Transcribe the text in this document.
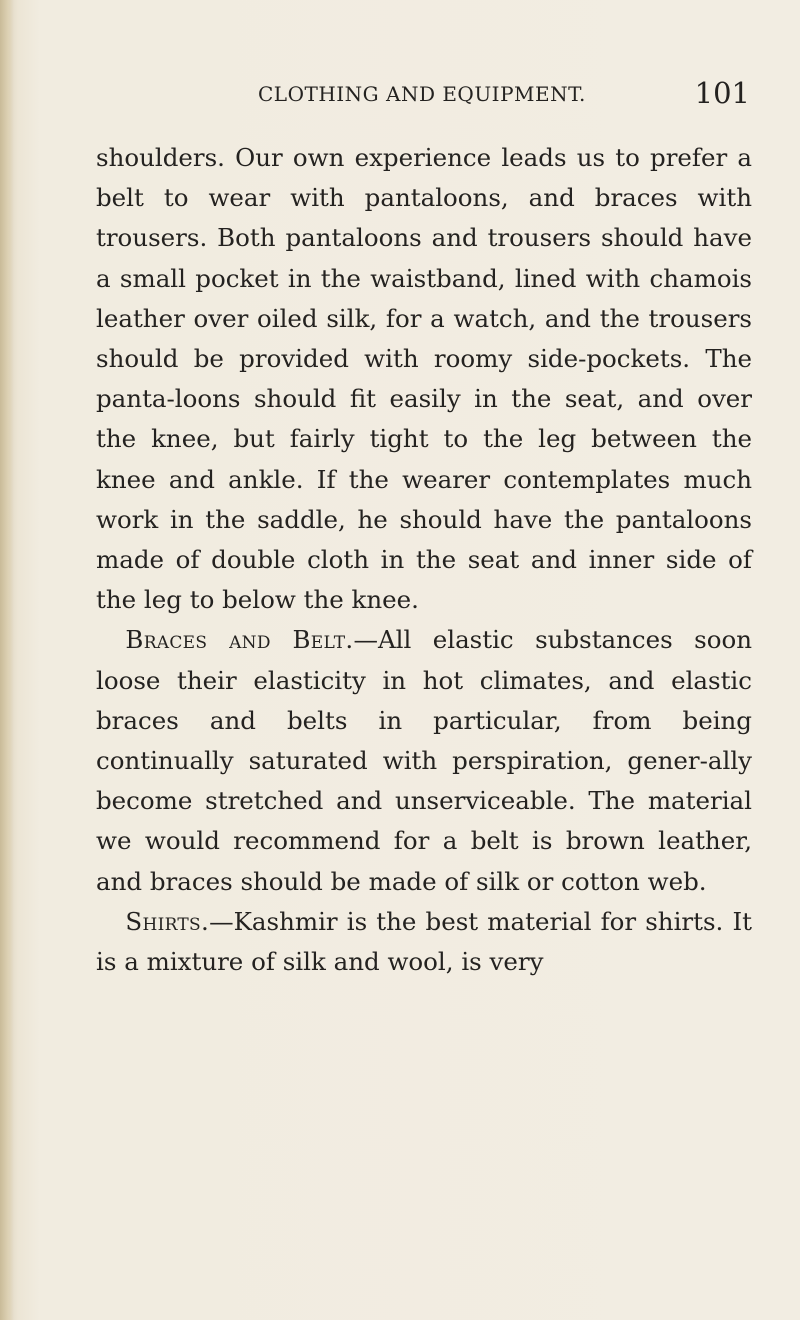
CLOTHING AND EQUIPMENT.	101

shoulders. Our own experience leads us to prefer a belt to wear with pantaloons, and braces with trousers. Both pantaloons and trousers should have a small pocket in the waistband, lined with chamois leather over oiled silk, for a watch, and the trousers should be provided with roomy side-pockets. The panta-loons should fit easily in the seat, and over the knee, but fairly tight to the leg between the knee and ankle. If the wearer contemplates much work in the saddle, he should have the pantaloons made of double cloth in the seat and inner side of the leg to below the knee.

Braces and Belt.—All elastic substances soon loose their elasticity in hot climates, and elastic braces and belts in particular, from being continually saturated with perspiration, gener-ally become stretched and unserviceable. The material we would recommend for a belt is brown leather, and braces should be made of silk or cotton web.

Shirts.—Kashmir is the best material for shirts. It is a mixture of silk and wool, is very
